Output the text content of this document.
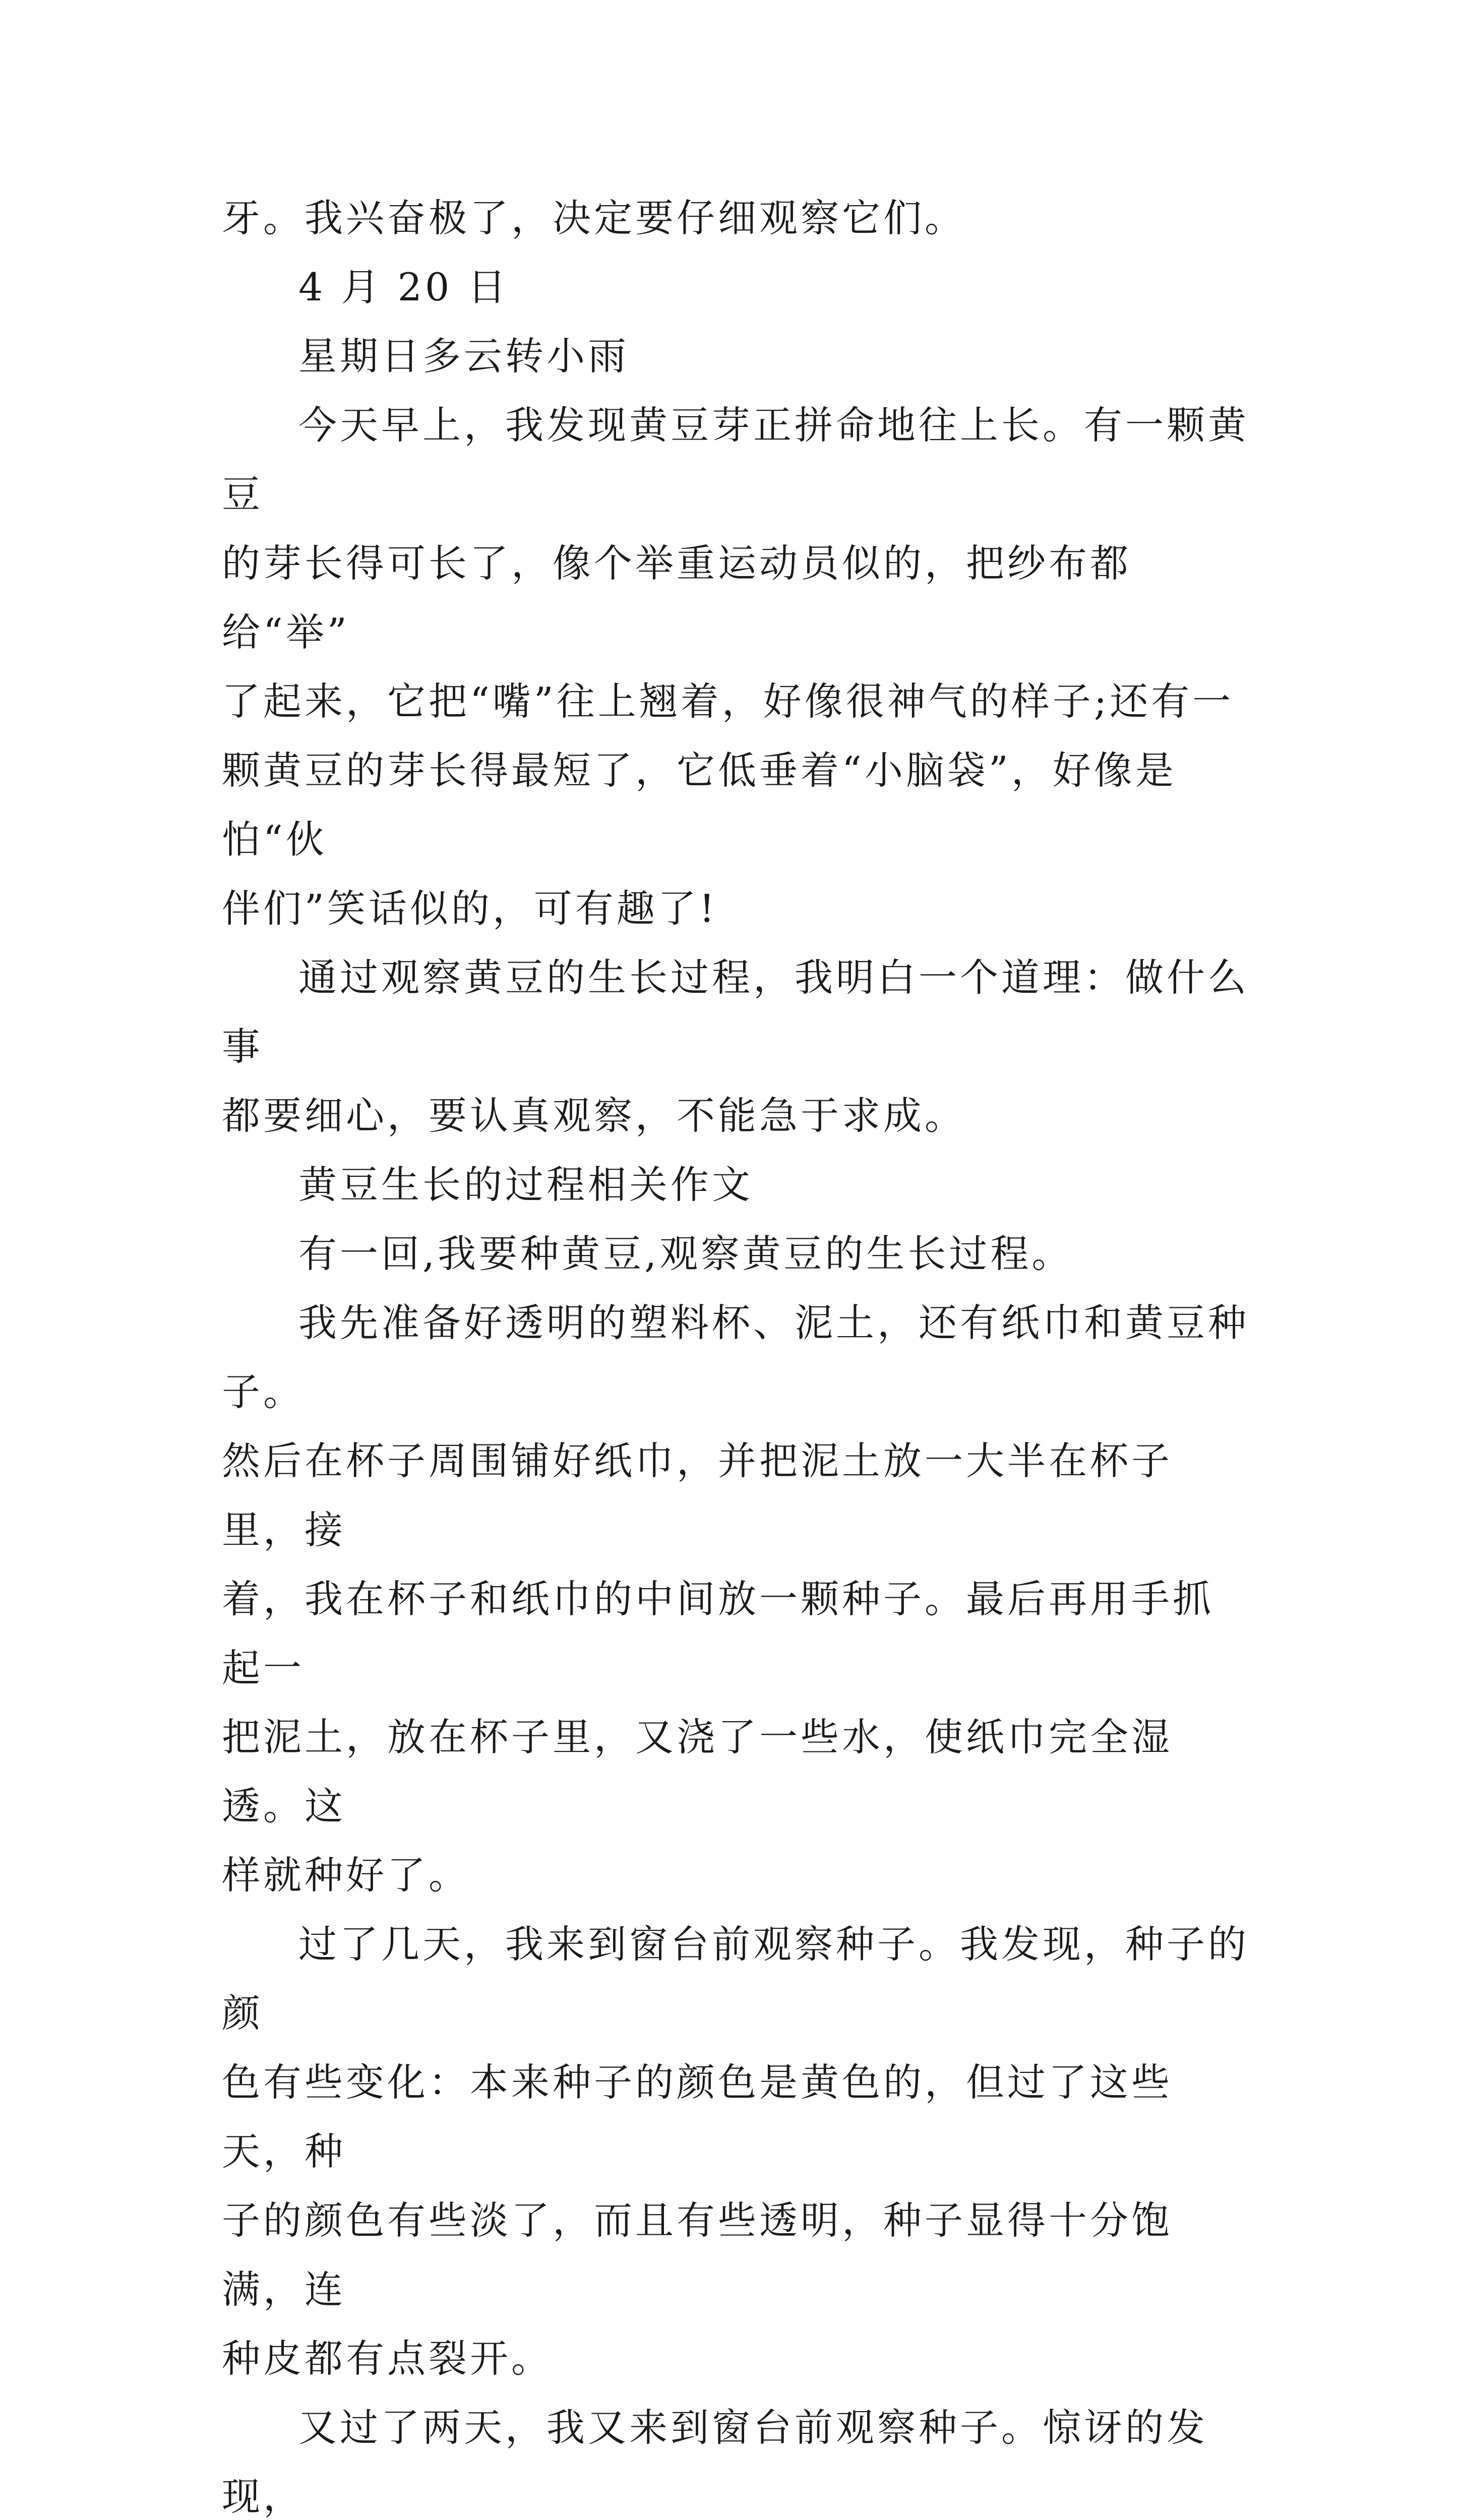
牙。我兴奋极了，决定要仔细观察它们。

4 月 20 日

星期日多云转小雨

今天早上，我发现黄豆芽正拼命地往上长。有一颗黄豆
的芽长得可长了，像个举重运动员似的，把纱布都给“举”
了起来，它把“嘴”往上翘着，好像很神气的样子;还有一
颗黄豆的芽长得最短了，它低垂着“小脑袋”，好像是怕“伙
伴们”笑话似的，可有趣了!

通过观察黄豆的生长过程，我明白一个道理：做什么事
都要细心，要认真观察，不能急于求成。

黄豆生长的过程相关作文

有一回,我要种黄豆,观察黄豆的生长过程。

我先准备好透明的塑料杯、泥土，还有纸巾和黄豆种子。
然后在杯子周围铺好纸巾，并把泥土放一大半在杯子里，接
着，我在杯子和纸巾的中间放一颗种子。最后再用手抓起一
把泥土，放在杯子里，又浇了一些水，使纸巾完全湿透。这
样就种好了。

过了几天，我来到窗台前观察种子。我发现，种子的颜
色有些变化：本来种子的颜色是黄色的，但过了这些天，种
子的颜色有些淡了，而且有些透明，种子显得十分饱满，连
种皮都有点裂开。

又过了两天，我又来到窗台前观察种子。惊讶的发现，
